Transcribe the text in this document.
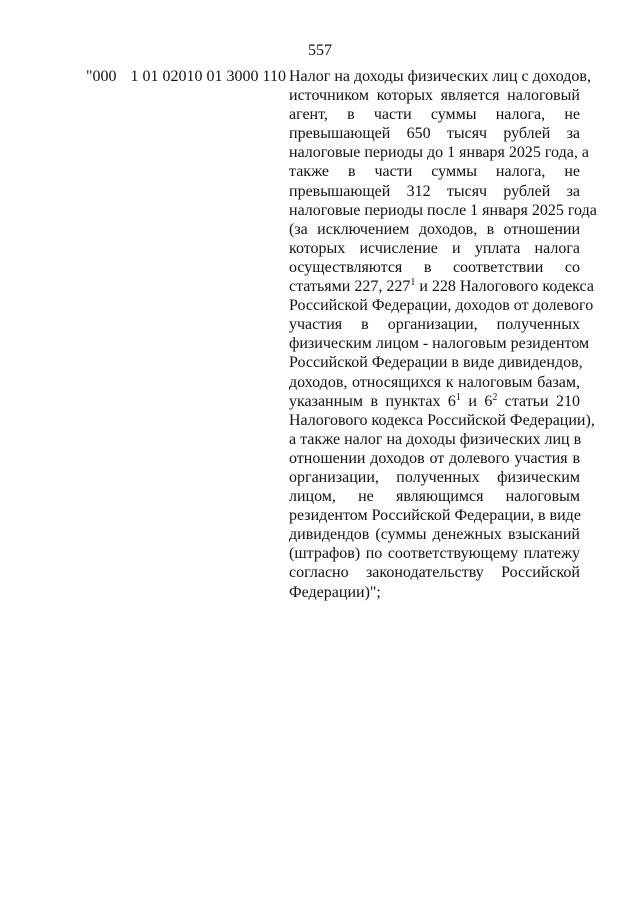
557
"000 1 01 02010 01 3000 110 Налог на доходы физических лиц с доходов,
источником которых является налоговый
агент, в части суммы налога, не
превышающей 650 тысяч рублей за
налоговые периоды до 1 января 2025 года, а
также в части суммы налога, не
превышающей 312 тысяч рублей за
налоговые периоды после 1 января 2025 года
(за исключением доходов, в отношении
которых исчисление и уплата налога
осуществляются в соответствии со
статьями 227, $227^1$ и 228 Налогового кодекса
Российской Федерации, доходов от долевого
участия в организации, полученных
физическим лицом - налоговым резидентом
Российской Федерации в виде дивидендов,
доходов, относящихся к налоговым базам,
указанным в пунктах $6^1$ и $6^2$ статьи 210
Налогового кодекса Российской Федерации),
а также налог на доходы физических лиц в
отношении доходов от долевого участия в
организации, полученных физическим
лицом, не являющимся налоговым
резидентом Российской Федерации, в виде
дивидендов (суммы денежных взысканий
(штрафов) по соответствующему платежу
согласно законодательству Российской
Федерации)";
